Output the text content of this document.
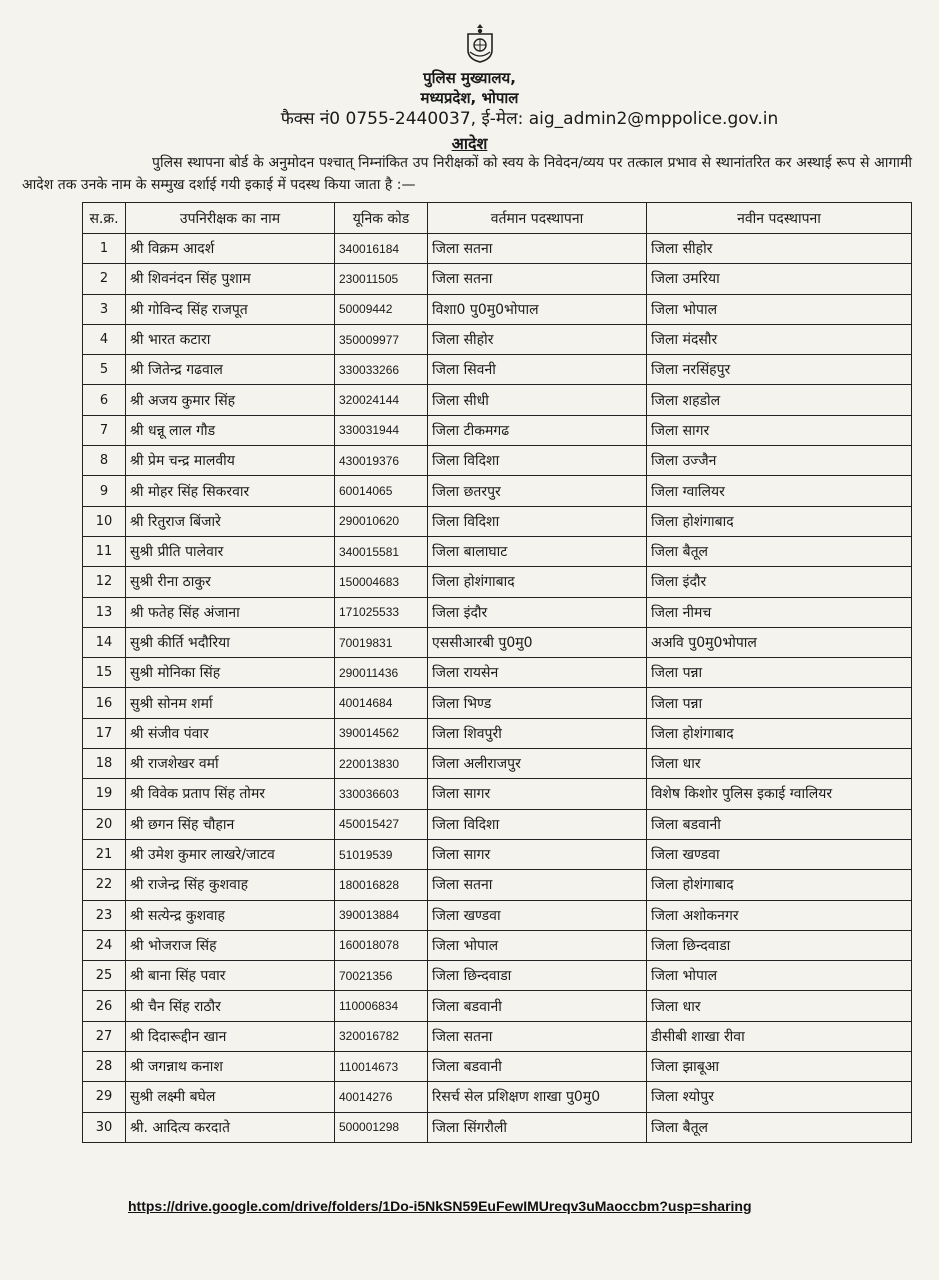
पुलिस मुख्यालय,
मध्यप्रदेश, भोपाल
फैक्स नं0 0755-2440037, ई-मेल: aig_admin2@mppolice.gov.in
आदेश
पुलिस स्थापना बोर्ड के अनुमोदन पश्चात् निम्नांकित उप निरीक्षकों को स्वय के निवेदन/व्यय पर तत्काल प्रभाव से स्थानांतरित कर अस्थाई रूप से आगामी आदेश तक उनके नाम के सम्मुख दर्शाई गयी इकाई में पदस्थ किया जाता है :—
स.क्र.	उपनिरीक्षक का नाम	यूनिक कोड	वर्तमान पदस्थापना	नवीन पदस्थापना
1	श्री विक्रम आदर्श	340016184	जिला सतना	जिला सीहोर
2	श्री शिवनंदन सिंह पुशाम	230011505	जिला सतना	जिला उमरिया
3	श्री गोविन्द सिंह राजपूत	50009442	विशा0 पु0मु0भोपाल	जिला भोपाल
4	श्री भारत कटारा	350009977	जिला सीहोर	जिला मंदसौर
5	श्री जितेन्द्र गढवाल	330033266	जिला सिवनी	जिला नरसिंहपुर
6	श्री अजय कुमार सिंह	320024144	जिला सीधी	जिला शहडोल
7	श्री धन्नू लाल गौड	330031944	जिला टीकमगढ	जिला सागर
8	श्री प्रेम चन्द्र मालवीय	430019376	जिला विदिशा	जिला उज्जैन
9	श्री मोहर सिंह सिकरवार	60014065	जिला छतरपुर	जिला ग्वालियर
10	श्री रितुराज बिंजारे	290010620	जिला विदिशा	जिला होशंगाबाद
11	सुश्री प्रीति पालेवार	340015581	जिला बालाघाट	जिला बैतूल
12	सुश्री रीना ठाकुर	150004683	जिला होशंगाबाद	जिला इंदौर
13	श्री फतेह सिंह अंजाना	171025533	जिला इंदौर	जिला नीमच
14	सुश्री कीर्ति भदौरिया	70019831	एससीआरबी पु0मु0	अअवि पु0मु0भोपाल
15	सुश्री मोनिका सिंह	290011436	जिला रायसेन	जिला पन्ना
16	सुश्री सोनम शर्मा	40014684	जिला भिण्ड	जिला पन्ना
17	श्री संजीव पंवार	390014562	जिला शिवपुरी	जिला होशंगाबाद
18	श्री राजशेखर वर्मा	220013830	जिला अलीराजपुर	जिला धार
19	श्री विवेक प्रताप सिंह तोमर	330036603	जिला सागर	विशेष किशोर पुलिस इकाई ग्वालियर
20	श्री छगन सिंह चौहान	450015427	जिला विदिशा	जिला बडवानी
21	श्री उमेश कुमार लाखरे/जाटव	51019539	जिला सागर	जिला खण्डवा
22	श्री राजेन्द्र सिंह कुशवाह	180016828	जिला सतना	जिला होशंगाबाद
23	श्री सत्येन्द्र कुशवाह	390013884	जिला खण्डवा	जिला अशोकनगर
24	श्री भोजराज सिंह	160018078	जिला भोपाल	जिला छिन्दवाडा
25	श्री बाना सिंह पवार	70021356	जिला छिन्दवाडा	जिला भोपाल
26	श्री चैन सिंह राठौर	110006834	जिला बडवानी	जिला धार
27	श्री दिदारूद्दीन खान	320016782	जिला सतना	डीसीबी शाखा रीवा
28	श्री जगन्नाथ कनाश	110014673	जिला बडवानी	जिला झाबूआ
29	सुश्री लक्ष्मी बघेल	40014276	रिसर्च सेल प्रशिक्षण शाखा पु0मु0	जिला श्योपुर
30	श्री. आदित्य करदाते	500001298	जिला सिंगरौली	जिला बैतूल
https://drive.google.com/drive/folders/1Do-i5NkSN59EuFewIMUreqv3uMaoccbm?usp=sharing
